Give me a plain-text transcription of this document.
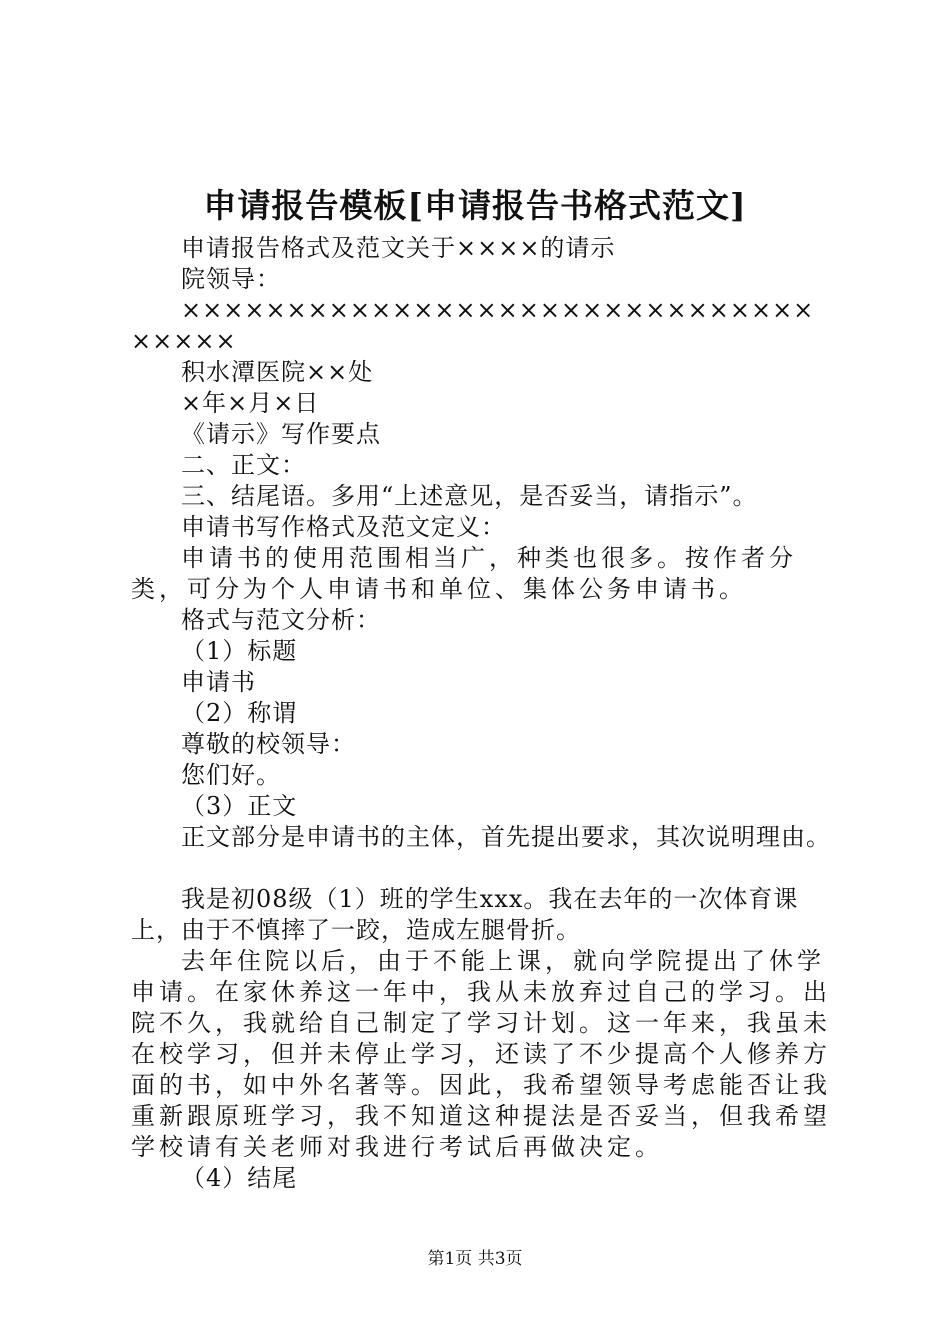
申请报告模板[申请报告书格式范文]

申请报告格式及范文关于××××的请示

院领导：

×××××××××××××××××××××××××××××××××××

积水潭医院××处

×年×月×日

《请示》写作要点

二、正文：

三、结尾语。多用“上述意见，是否妥当，请指示”。

申请书写作格式及范文定义：

申请书的使用范围相当广，种类也很多。按作者分类，可分为个人申请书和单位、集体公务申请书。

格式与范文分析：

（1）标题

申请书

（2）称谓

尊敬的校领导：

您们好。

（3）正文

正文部分是申请书的主体，首先提出要求，其次说明理由。

我是初08级（1）班的学生xxx。我在去年的一次体育课上，由于不慎摔了一跤，造成左腿骨折。

去年住院以后，由于不能上课，就向学院提出了休学申请。在家休养这一年中，我从未放弃过自己的学习。出院不久，我就给自己制定了学习计划。这一年来，我虽未在校学习，但并未停止学习，还读了不少提高个人修养方面的书，如中外名著等。因此，我希望领导考虑能否让我重新跟原班学习，我不知道这种提法是否妥当，但我希望学校请有关老师对我进行考试后再做决定。

（4）结尾

第1页 共3页
